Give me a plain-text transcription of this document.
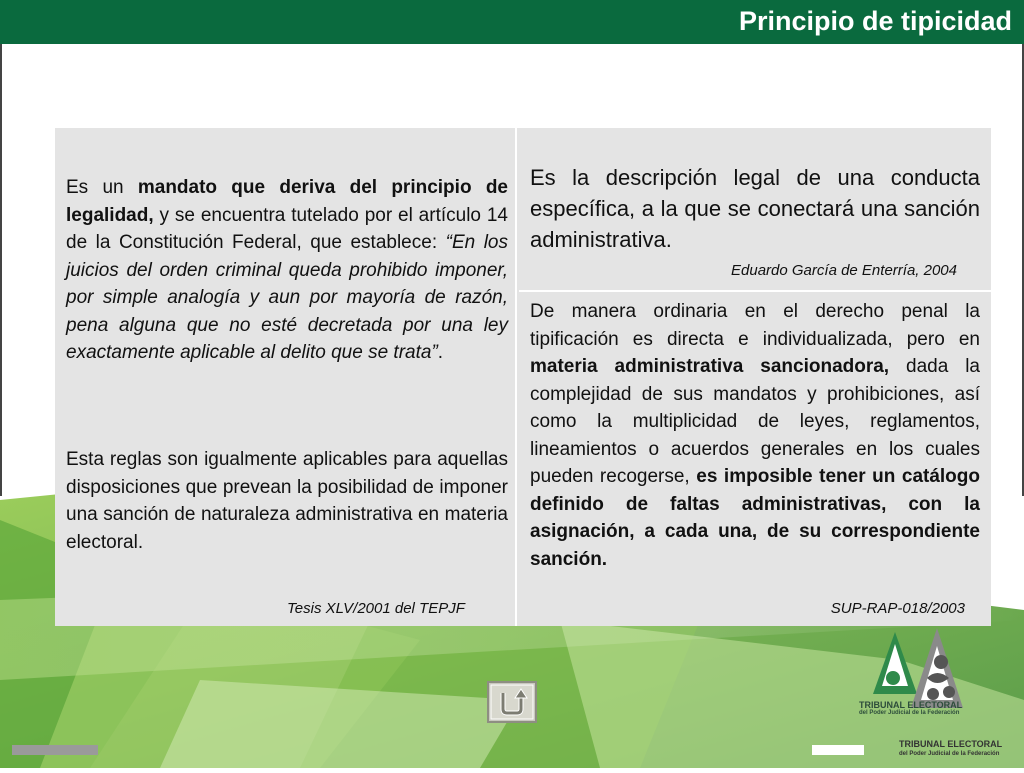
Principio de tipicidad

Es un mandato que deriva del principio de legalidad, y se encuentra tutelado por el artículo 14 de la Constitución Federal, que establece: “En los juicios del orden criminal queda prohibido imponer, por simple analogía y aun por mayoría de razón, pena alguna que no esté decretada por una ley exactamente aplicable al delito que se trata”.

Esta reglas son igualmente aplicables para aquellas disposiciones que prevean la posibilidad de imponer una sanción de naturaleza administrativa en materia electoral.

Tesis XLV/2001 del TEPJF

Es la descripción legal de una conducta específica, a la que se conectará una sanción administrativa.

Eduardo García de Enterría, 2004

De manera ordinaria en el derecho penal la tipificación es directa e individualizada, pero en materia administrativa sancionadora, dada la complejidad de sus mandatos y prohibiciones, así como la multiplicidad de leyes, reglamentos, lineamientos o acuerdos generales en los cuales pueden recogerse, es imposible tener un catálogo definido de faltas administrativas, con la asignación, a cada una, de su correspondiente sanción.

SUP-RAP-018/2003
TRIBUNAL ELECTORAL
del Poder Judicial de la Federación
TRIBUNAL ELECTORAL
del Poder Judicial de la Federación
